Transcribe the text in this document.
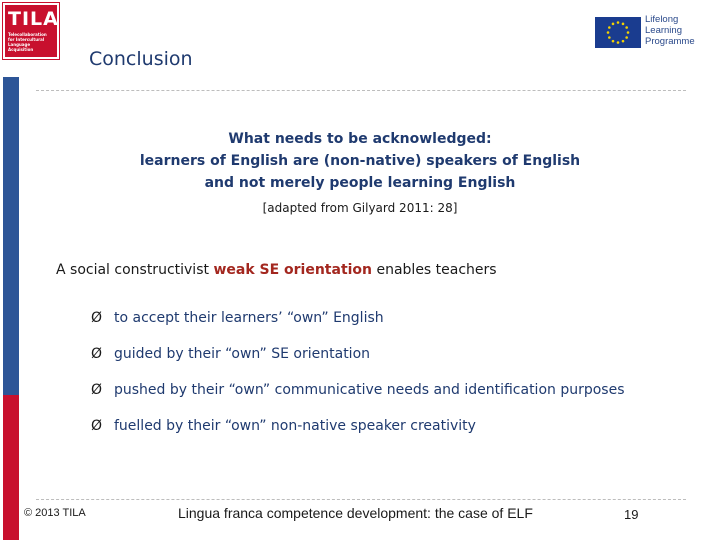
TILA
Telecollaboration for Intercultural Language Acquisition
Lifelong
Learning
Programme
Conclusion
What needs to be acknowledged:
learners of English are (non-native) speakers of English
and not merely people learning English
[adapted from Gilyard 2011: 28]
A social constructivist weak SE orientation enables teachers
Ø to accept their learners’ “own” English
Ø guided by their “own” SE orientation
Ø pushed by their “own” communicative needs and identification purposes
Ø fuelled by their “own” non-native speaker creativity
© 2013 TILA	Lingua franca competence development: the case of ELF	19
